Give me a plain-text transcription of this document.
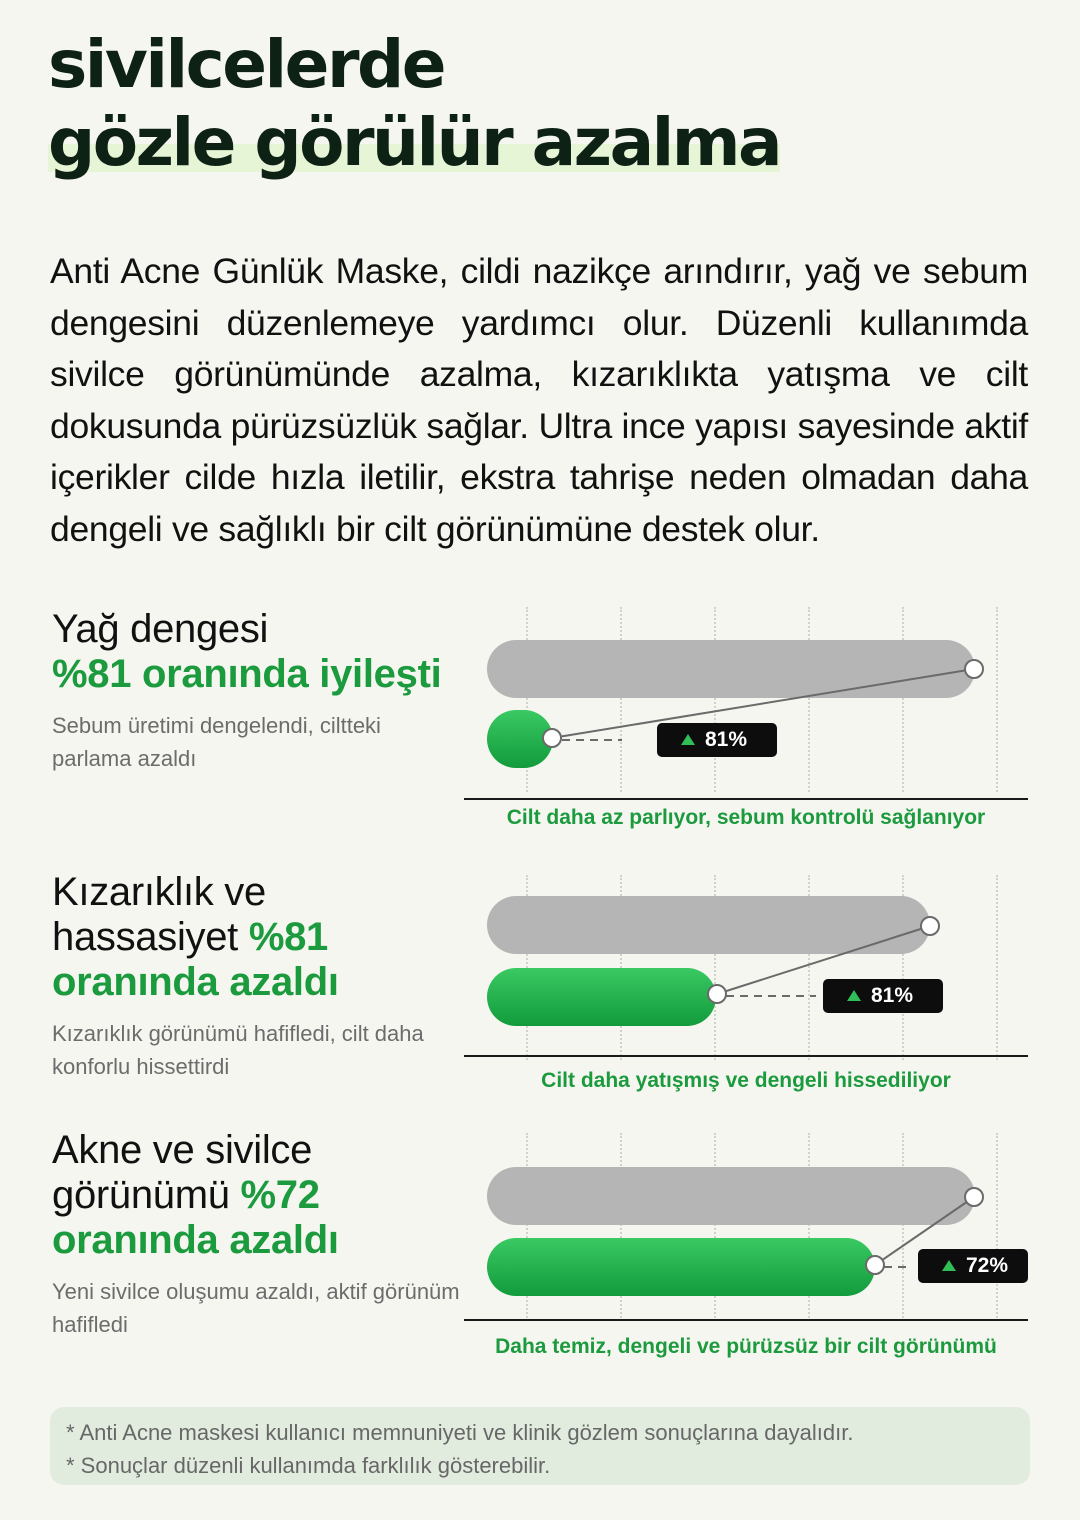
sivilcelerde
gözle görülür azalma

Anti Acne Günlük Maske, cildi nazikçe arındırır, yağ ve sebum dengesini düzenlemeye yardımcı olur. Düzenli kullanımda sivilce görünümünde azalma, kızarıklıkta yatışma ve cilt dokusunda pürüzsüzlük sağlar. Ultra ince yapısı sayesinde aktif içerikler cilde hızla iletilir, ekstra tahrişe neden olmadan daha dengeli ve sağlıklı bir cilt görünümüne destek olur.

Yağ dengesi
%81 oranında iyileşti
Sebum üretimi dengelendi, ciltteki parlama azaldı
81%
Cilt daha az parlıyor, sebum kontrolü sağlanıyor
Kızarıklık ve hassasiyet %81 oranında azaldı
Kızarıklık görünümü hafifledi, cilt daha konforlu hissettirdi
81%
Cilt daha yatışmış ve dengeli hissediliyor
Akne ve sivilce görünümü %72 oranında azaldı
Yeni sivilce oluşumu azaldı, aktif görünüm hafifledi
72%
Daha temiz, dengeli ve pürüzsüz bir cilt görünümü
* Anti Acne maskesi kullanıcı memnuniyeti ve klinik gözlem sonuçlarına dayalıdır.
* Sonuçlar düzenli kullanımda farklılık gösterebilir.
